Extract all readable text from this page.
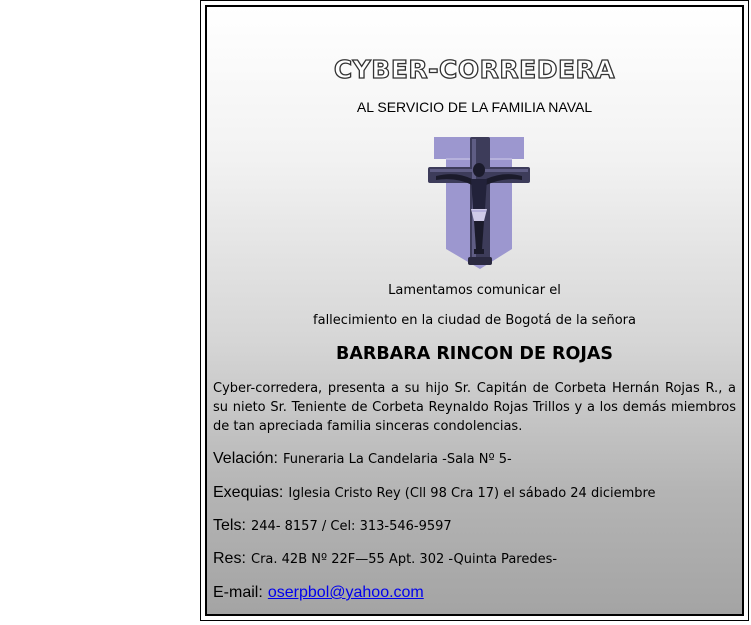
CYBER-CORREDERA
AL SERVICIO DE LA FAMILIA NAVAL
Lamentamos comunicar el
fallecimiento en la ciudad de Bogotá de la señora
BARBARA RINCON DE ROJAS
Cyber-corredera, presenta a su hijo Sr. Capitán de Corbeta Hernán Rojas R., a su nieto Sr. Teniente de Corbeta Reynaldo Rojas Trillos y a los demás miembros de tan apreciada familia sinceras condolencias.
Velación: Funeraria La Candelaria -Sala Nº 5-
Exequias: Iglesia Cristo Rey (Cll 98 Cra 17) el sábado 24 diciembre
Tels: 244- 8157 / Cel: 313-546-9597
Res: Cra. 42B Nº 22F—55 Apt. 302 -Quinta Paredes-
E-mail: oserpbol@yahoo.com
